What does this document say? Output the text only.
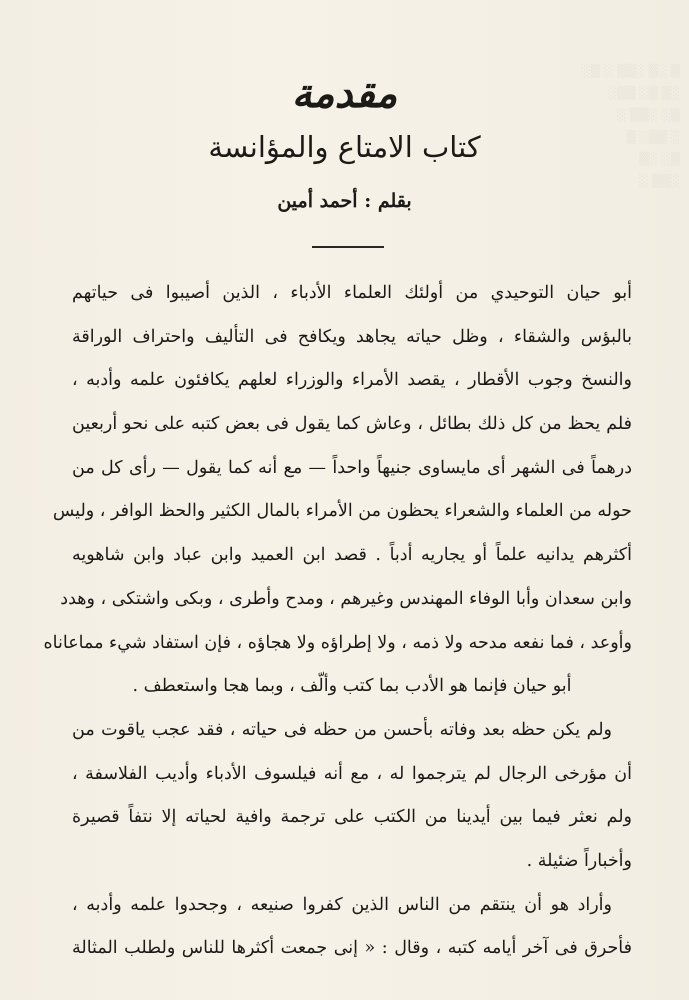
▒ ░▒ ░▒▒ ░ ▒░
░▒ ▒░ ▒▒░
▒░ ░▒▒ ░
░ ▒▒░ ▒
▒░ ░▒
░▒▒ ░
مقدمة
كتاب الامتاع والمؤانسة
بقلم : أحمد أمين
أبو حيان التوحيدي من أولئك العلماء الأدباء ، الذين أصيبوا فى حياتهم
بالبؤس والشقاء ، وظل حياته يجاهد ويكافح فى التأليف واحتراف الوراقة
والنسخ وجوب الأقطار ، يقصد الأمراء والوزراء لعلهم يكافئون علمه وأدبه ،
فلم يحظ من كل ذلك بطائل ، وعاش كما يقول فى بعض كتبه على نحو أربعين
درهماً فى الشهر أى مايساوى جنيهاً واحداً — مع أنه كما يقول — رأى كل من
حوله من العلماء والشعراء يحظون من الأمراء بالمال الكثير والحظ الوافر ، وليس
أكثرهم يدانيه علماً أو يجاريه أدباً . قصد ابن العميد وابن عباد وابن شاهويه
وابن سعدان وأبا الوفاء المهندس وغيرهم ، ومدح وأطرى ، وبكى واشتكى ، وهدد
وأوعد ، فما نفعه مدحه ولا ذمه ، ولا إطراؤه ولا هجاؤه ، فإن استفاد شيء مماعاناه
أبو حيان فإنما هو الأدب بما كتب وألّف ، وبما هجا واستعطف .
ولم يكن حظه بعد وفاته بأحسن من حظه فى حياته ، فقد عجب ياقوت من
أن مؤرخى الرجال لم يترجموا له ، مع أنه فيلسوف الأدباء وأديب الفلاسفة ،
ولم نعثر فيما بين أيدينا من الكتب على ترجمة وافية لحياته إلا نتفاً قصيرة
وأخباراً ضئيلة .
وأراد هو أن ينتقم من الناس الذين كفروا صنيعه ، وجحدوا علمه وأدبه ،
فأحرق فى آخر أيامه كتبه ، وقال : « إنى جمعت أكثرها للناس ولطلب المثالة
